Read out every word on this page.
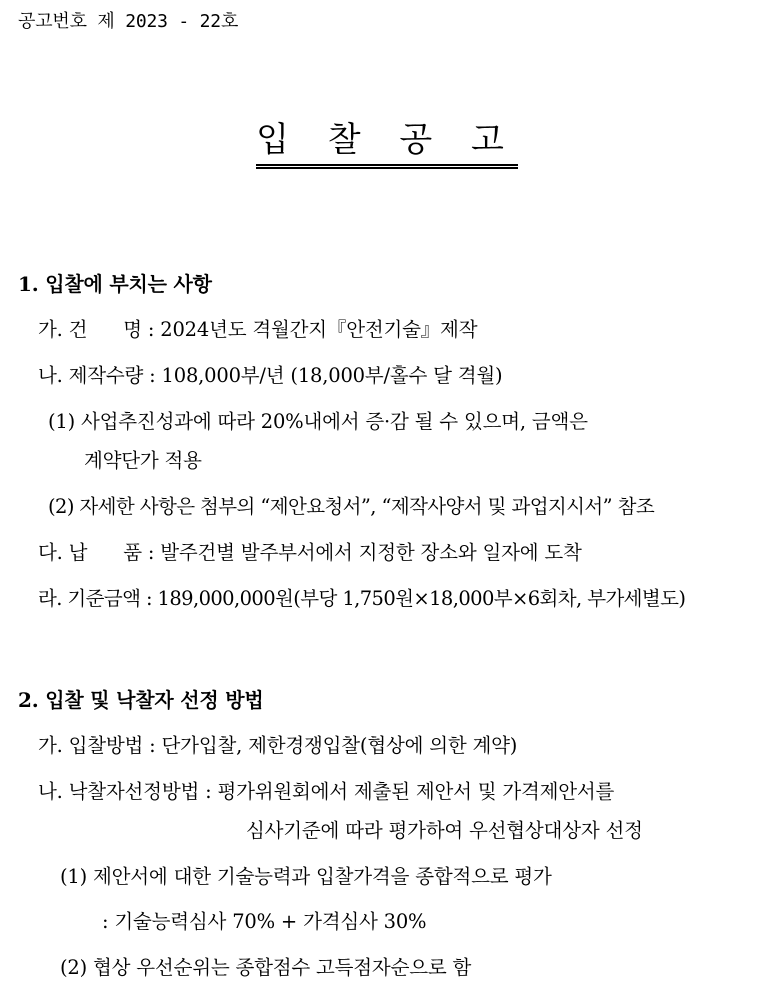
공고번호 제 2023 - 22호
입 찰 공 고
1. 입찰에 부치는 사항
가. 건      명 : 2024년도 격월간지『안전기술』제작
나. 제작수량 : 108,000부/년 (18,000부/홀수 달 격월)
(1) 사업추진성과에 따라 20%내에서 증·감 될 수 있으며, 금액은
계약단가 적용
(2) 자세한 사항은 첨부의 “제안요청서”, “제작사양서 및 과업지시서” 참조
다. 납      품 : 발주건별 발주부서에서 지정한 장소와 일자에 도착
라. 기준금액 : 189,000,000원(부당 1,750원×18,000부×6회차, 부가세별도)
2. 입찰 및 낙찰자 선정 방법
가. 입찰방법 : 단가입찰, 제한경쟁입찰(협상에 의한 계약)
나. 낙찰자선정방법 : 평가위원회에서 제출된 제안서 및 가격제안서를
심사기준에 따라 평가하여 우선협상대상자 선정
(1) 제안서에 대한 기술능력과 입찰가격을 종합적으로 평가
: 기술능력심사 70% + 가격심사 30%
(2) 협상 우선순위는 종합점수 고득점자순으로 함
